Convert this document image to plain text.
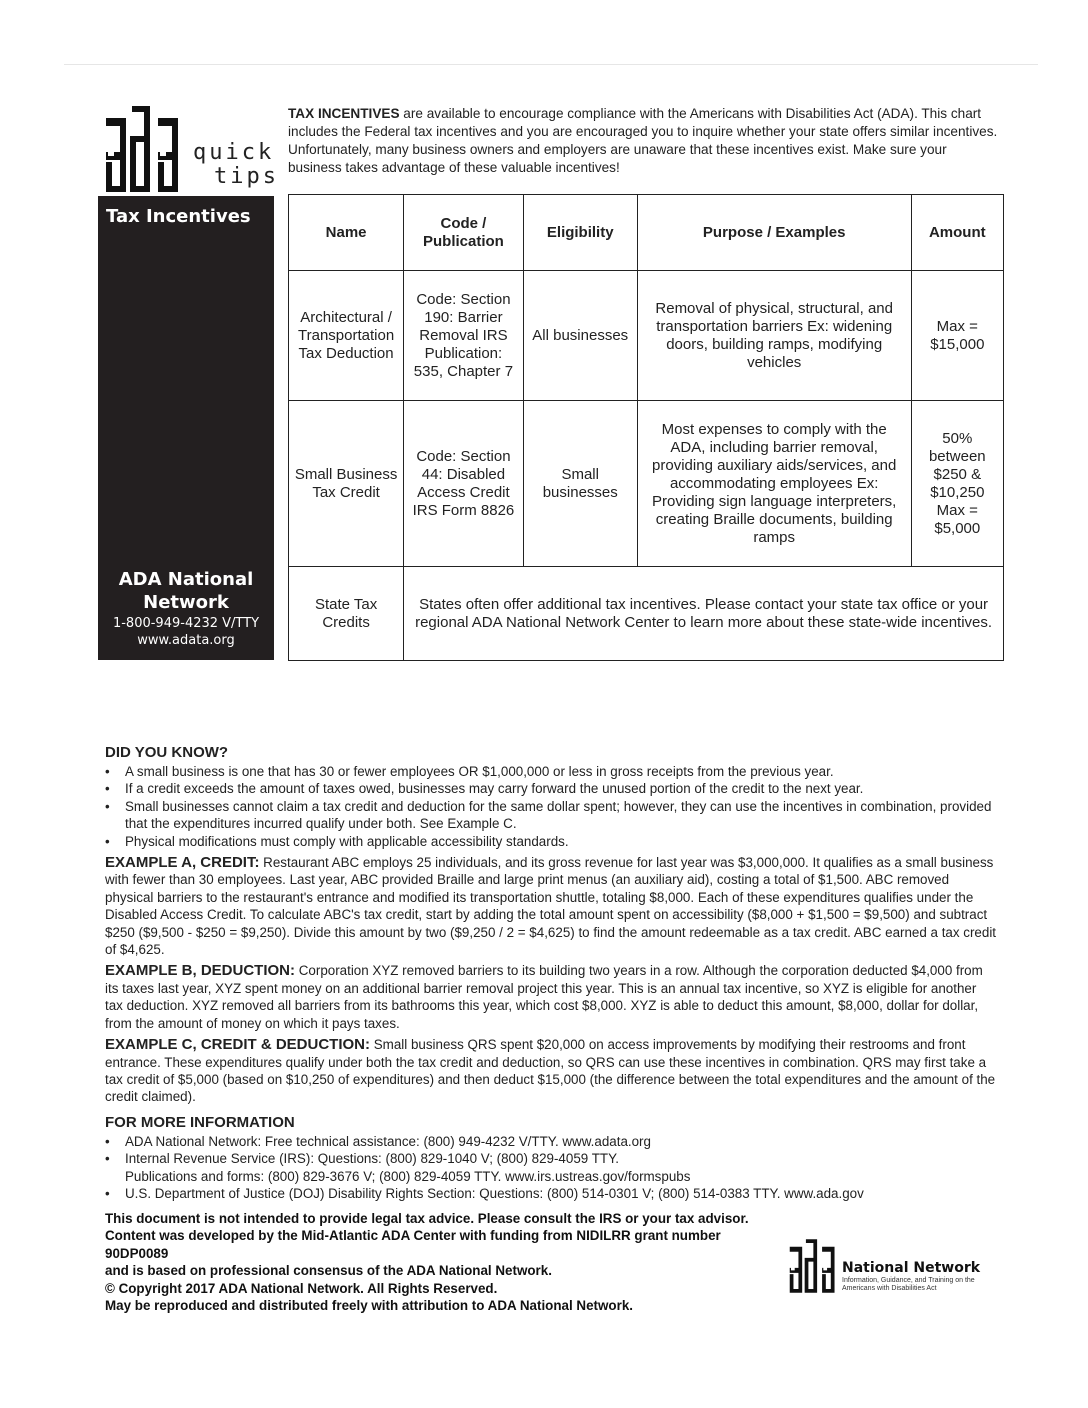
quick
tips
TAX INCENTIVES are available to encourage compliance with the Americans with Disabilities Act (ADA). This chart includes the Federal tax incentives and you are encouraged you to inquire whether your state offers similar incentives. Unfortunately, many business owners and employers are unaware that these incentives exist. Make sure your business takes advantage of these valuable incentives!
Tax Incentives
ADA National
Network
1-800-949-4232 V/TTY
www.adata.org
Name	Code / Publication	Eligibility	Purpose / Examples	Amount
Architectural / Transportation Tax Deduction	Code: Section 190: Barrier Removal IRS Publication: 535, Chapter 7	All businesses	Removal of physical, structural, and transportation barriers Ex: widening doors, building ramps, modifying vehicles	Max = $15,000
Small Business Tax Credit	Code: Section 44: Disabled Access Credit IRS Form 8826	Small businesses	Most expenses to comply with the ADA, including barrier removal, providing auxiliary aids/services, and accommodating employees Ex: Providing sign language interpreters, creating Braille documents, building ramps	50% between $250 & $10,250 Max = $5,000
State Tax Credits	States often offer additional tax incentives. Please contact your state tax office or your regional ADA National Network Center to learn more about these state-wide incentives.			
DID YOU KNOW?
• A small business is one that has 30 or fewer employees OR $1,000,000 or less in gross receipts from the previous year.
• If a credit exceeds the amount of taxes owed, businesses may carry forward the unused portion of the credit to the next year.
• Small businesses cannot claim a tax credit and deduction for the same dollar spent; however, they can use the incentives in combination, provided that the expenditures incurred qualify under both. See Example C.
• Physical modifications must comply with applicable accessibility standards.

EXAMPLE A, CREDIT: Restaurant ABC employs 25 individuals, and its gross revenue for last year was $3,000,000. It qualifies as a small business with fewer than 30 employees. Last year, ABC provided Braille and large print menus (an auxiliary aid), costing a total of $1,500. ABC removed physical barriers to the restaurant's entrance and modified its transportation shuttle, totaling $8,000. Each of these expenditures qualifies under the Disabled Access Credit. To calculate ABC's tax credit, start by adding the total amount spent on accessibility ($8,000 + $1,500 = $9,500) and subtract $250 ($9,500 - $250 = $9,250). Divide this amount by two ($9,250 / 2 = $4,625) to find the amount redeemable as a tax credit. ABC earned a tax credit of $4,625.

EXAMPLE B, DEDUCTION: Corporation XYZ removed barriers to its building two years in a row. Although the corporation deducted $4,000 from its taxes last year, XYZ spent money on an additional barrier removal project this year. This is an annual tax incentive, so XYZ is eligible for another tax deduction. XYZ removed all barriers from its bathrooms this year, which cost $8,000. XYZ is able to deduct this amount, $8,000, dollar for dollar, from the amount of money on which it pays taxes.

EXAMPLE C, CREDIT & DEDUCTION: Small business QRS spent $20,000 on access improvements by modifying their restrooms and front entrance. These expenditures qualify under both the tax credit and deduction, so QRS can use these incentives in combination. QRS may first take a tax credit of $5,000 (based on $10,250 of expenditures) and then deduct $15,000 (the difference between the total expenditures and the amount of the credit claimed).

FOR MORE INFORMATION
• ADA National Network: Free technical assistance: (800) 949-4232 V/TTY. www.adata.org
• Internal Revenue Service (IRS): Questions: (800) 829-1040 V; (800) 829-4059 TTY.
Publications and forms: (800) 829-3676 V; (800) 829-4059 TTY. www.irs.ustreas.gov/formspubs
• U.S. Department of Justice (DOJ) Disability Rights Section: Questions: (800) 514-0301 V; (800) 514-0383 TTY. www.ada.gov
This document is not intended to provide legal tax advice. Please consult the IRS or your tax advisor.
Content was developed by the Mid-Atlantic ADA Center with funding from NIDILRR grant number 90DP0089
and is based on professional consensus of the ADA National Network.
© Copyright 2017 ADA National Network. All Rights Reserved.
May be reproduced and distributed freely with attribution to ADA National Network.
National Network
Information, Guidance, and Training on the Americans with Disabilities Act
